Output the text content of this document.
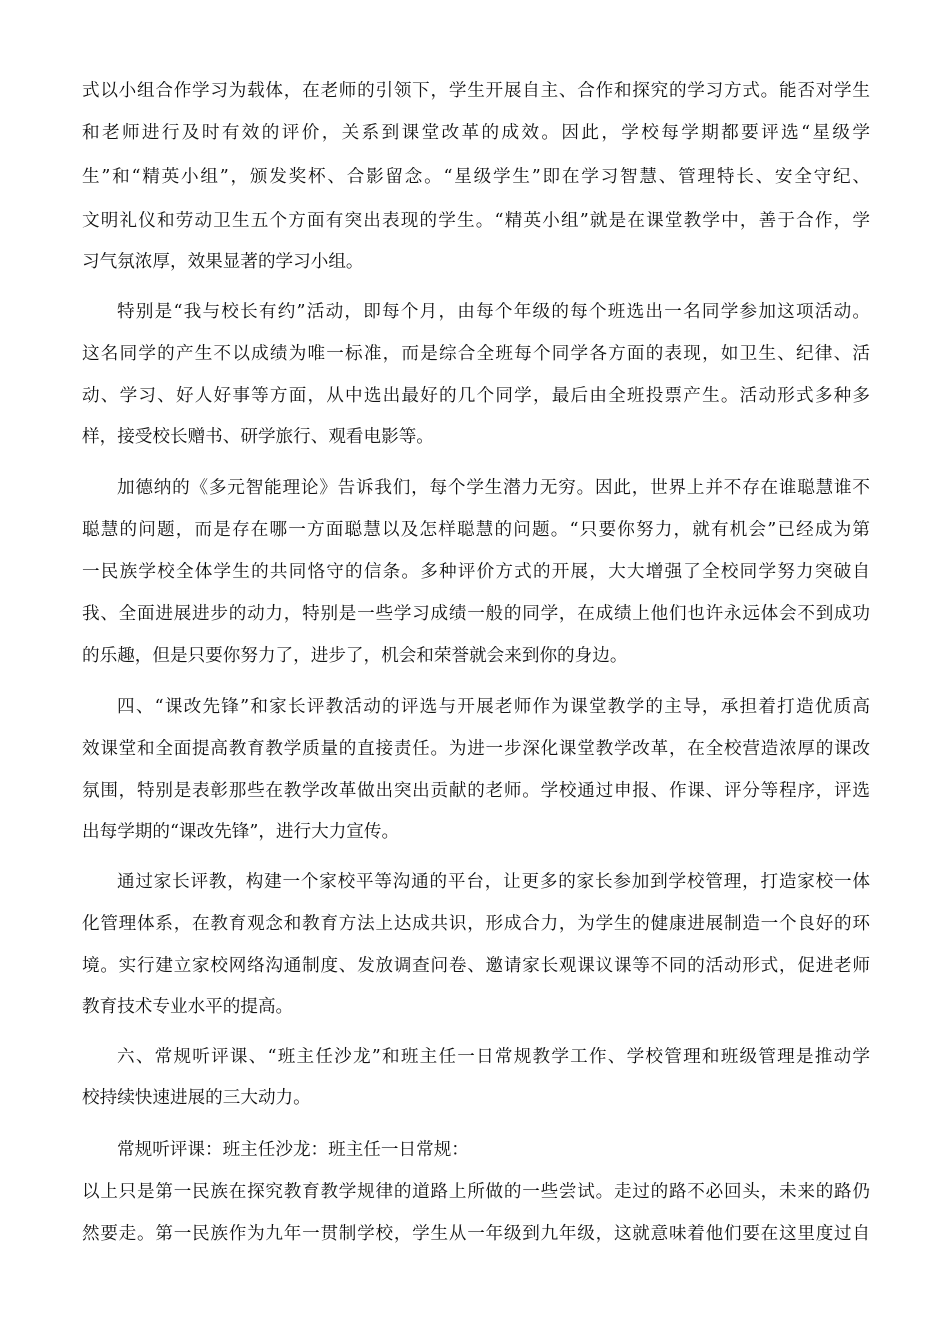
式以小组合作学习为载体，在老师的引领下，学生开展自主、合作和探究的学习方式。能否对学生
和老师进行及时有效的评价，关系到课堂改革的成效。因此，学校每学期都要评选“星级学
生”和“精英小组”，颁发奖杯、合影留念。“星级学生”即在学习智慧、管理特长、安全守纪、
文明礼仪和劳动卫生五个方面有突出表现的学生。“精英小组”就是在课堂教学中，善于合作，学
习气氛浓厚，效果显著的学习小组。
特别是“我与校长有约”活动，即每个月，由每个年级的每个班选出一名同学参加这项活动。
这名同学的产生不以成绩为唯一标准，而是综合全班每个同学各方面的表现，如卫生、纪律、活
动、学习、好人好事等方面，从中选出最好的几个同学，最后由全班投票产生。活动形式多种多
样，接受校长赠书、研学旅行、观看电影等。
加德纳的《多元智能理论》告诉我们，每个学生潜力无穷。因此，世界上并不存在谁聪慧谁不
聪慧的问题，而是存在哪一方面聪慧以及怎样聪慧的问题。“只要你努力，就有机会”已经成为第
一民族学校全体学生的共同恪守的信条。多种评价方式的开展，大大增强了全校同学努力突破自
我、全面进展进步的动力，特别是一些学习成绩一般的同学，在成绩上他们也许永远体会不到成功
的乐趣，但是只要你努力了，进步了，机会和荣誉就会来到你的身边。
四、“课改先锋”和家长评教活动的评选与开展老师作为课堂教学的主导，承担着打造优质高
效课堂和全面提高教育教学质量的直接责任。为进一步深化课堂教学改革，在全校营造浓厚的课改
氛围，特别是表彰那些在教学改革做出突出贡献的老师。学校通过申报、作课、评分等程序，评选
出每学期的“课改先锋”，进行大力宣传。
通过家长评教，构建一个家校平等沟通的平台，让更多的家长参加到学校管理，打造家校一体
化管理体系，在教育观念和教育方法上达成共识，形成合力，为学生的健康进展制造一个良好的环
境。实行建立家校网络沟通制度、发放调查问卷、邀请家长观课议课等不同的活动形式，促进老师
教育技术专业水平的提高。
六、常规听评课、“班主任沙龙”和班主任一日常规教学工作、学校管理和班级管理是推动学
校持续快速进展的三大动力。
常规听评课：班主任沙龙：班主任一日常规：
以上只是第一民族在探究教育教学规律的道路上所做的一些尝试。走过的路不必回头，未来的路仍
然要走。第一民族作为九年一贯制学校，学生从一年级到九年级，这就意味着他们要在这里度过自
